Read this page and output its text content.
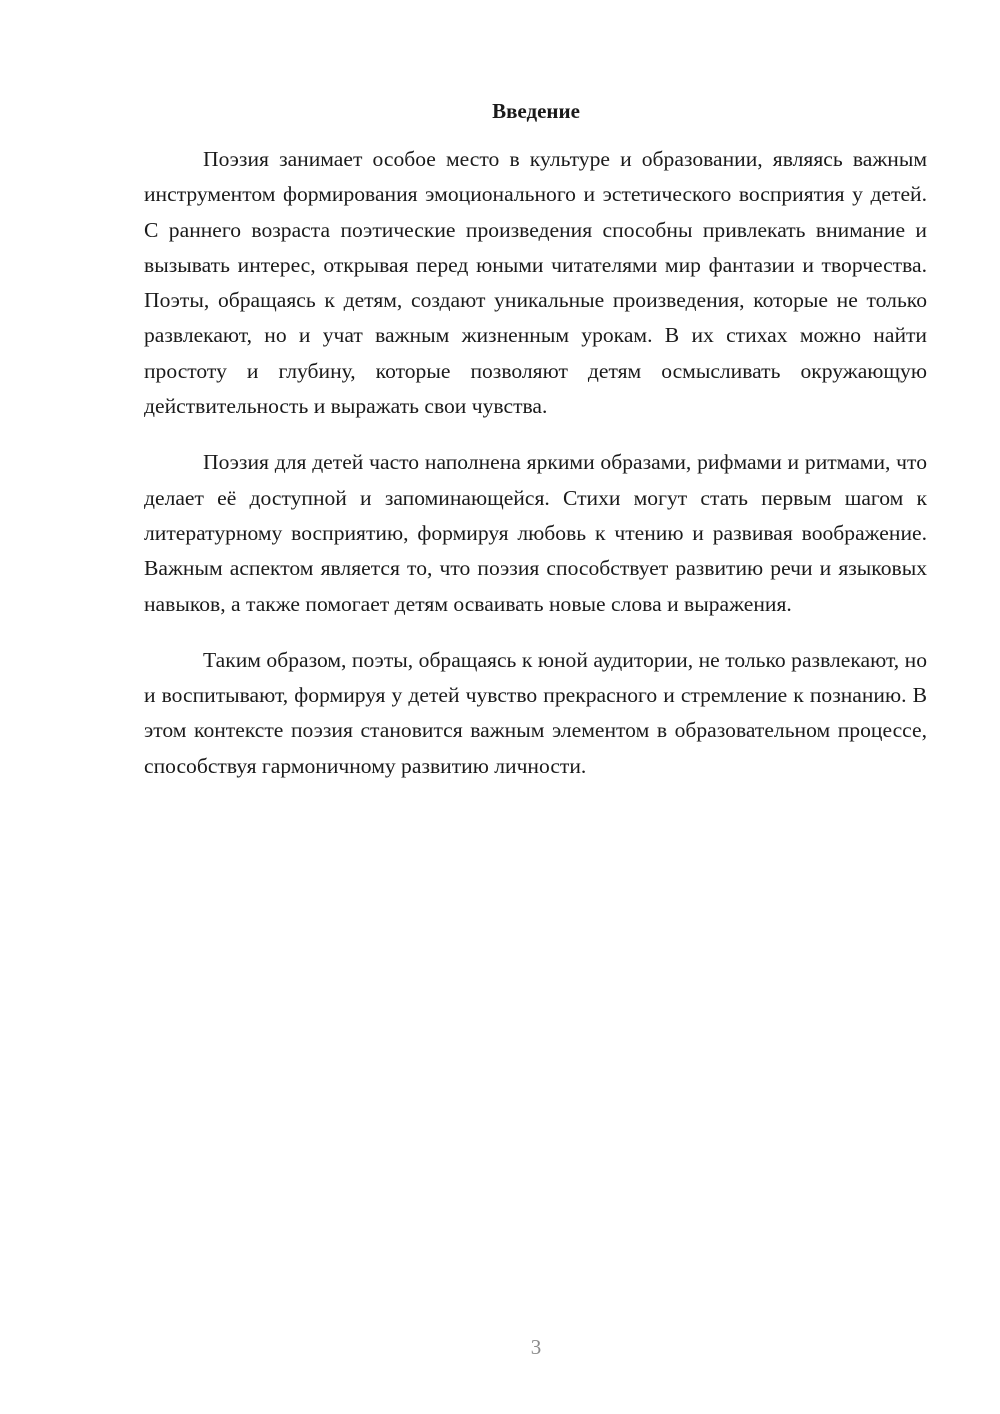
Введение

Поэзия занимает особое место в культуре и образовании, являясь важным инструментом формирования эмоционального и эстетического восприятия у детей. С раннего возраста поэтические произведения способны привлекать внимание и вызывать интерес, открывая перед юными читателями мир фантазии и творчества. Поэты, обращаясь к детям, создают уникальные произведения, которые не только развлекают, но и учат важным жизненным урокам. В их стихах можно найти простоту и глубину, которые позволяют детям осмысливать окружающую действительность и выражать свои чувства.

Поэзия для детей часто наполнена яркими образами, рифмами и ритмами, что делает её доступной и запоминающейся. Стихи могут стать первым шагом к литературному восприятию, формируя любовь к чтению и развивая воображение. Важным аспектом является то, что поэзия способствует развитию речи и языковых навыков, а также помогает детям осваивать новые слова и выражения.

Таким образом, поэты, обращаясь к юной аудитории, не только развлекают, но и воспитывают, формируя у детей чувство прекрасного и стремление к познанию. В этом контексте поэзия становится важным элементом в образовательном процессе, способствуя гармоничному развитию личности.

3
